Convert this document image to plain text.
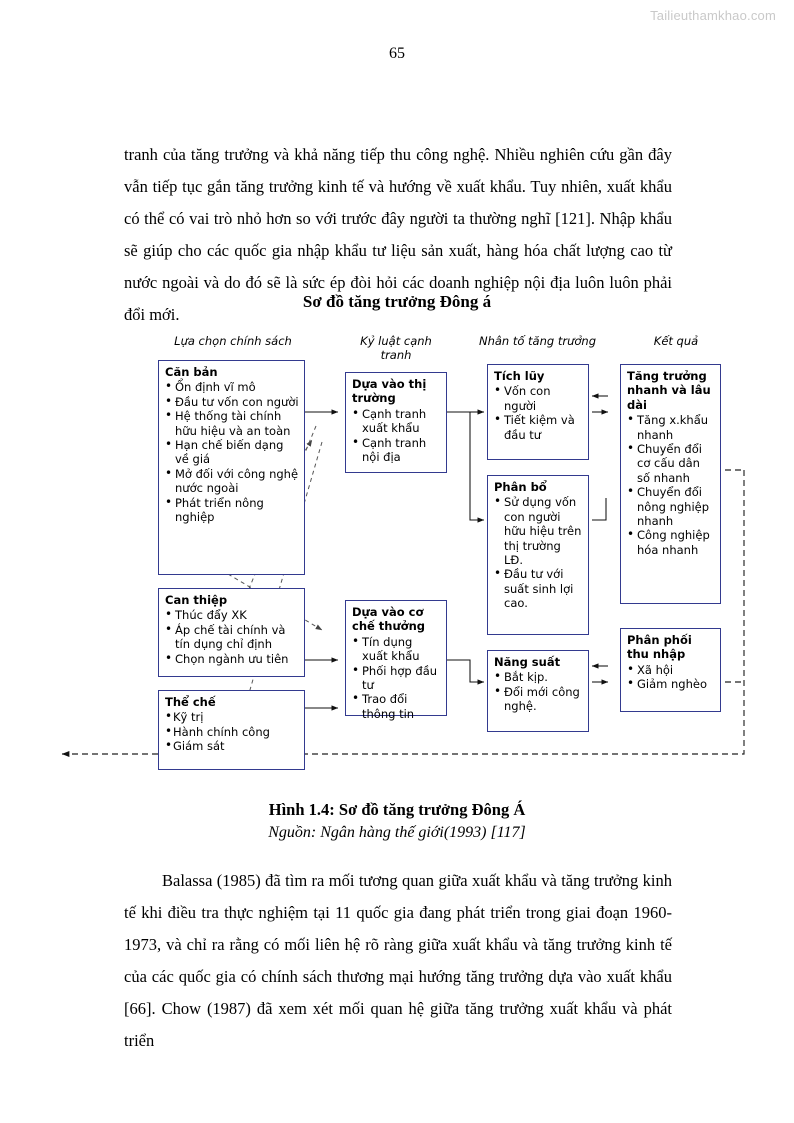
Tailieuthamkhao.com
65

tranh của tăng trưởng và khả năng tiếp thu công nghệ. Nhiều nghiên cứu gần đây vẫn tiếp tục gắn tăng trưởng kinh tế và hướng về xuất khẩu. Tuy nhiên, xuất khẩu có thể có vai trò nhỏ hơn so với trước đây người ta thường nghĩ [121]. Nhập khẩu sẽ giúp cho các quốc gia nhập khẩu tư liệu sản xuất, hàng hóa chất lượng cao từ nước ngoài và do đó sẽ là sức ép đòi hỏi các doanh nghiệp nội địa luôn luôn phải đổi mới.

Sơ đồ tăng trưởng Đông á
Lựa chọn chính sách	Kỷ luật cạnh tranh
Nhân tố tăng trưởng	Kết quả
Căn bản
• Ổn định vĩ mô
• Đầu tư vốn con người
• Hệ thống tài chính hữu hiệu và an toàn
• Hạn chế biến dạng về giá
• Mở đối với công nghệ nước ngoài
• Phát triển nông nghiệp
Can thiệp
• Thúc đẩy XK
• Áp chế tài chính và tín dụng chỉ định
• Chọn ngành ưu tiên
Thể chế
• Kỹ trị
• Hành chính công
• Giám sát
Dựa vào thị trường
• Cạnh tranh xuất khẩu
• Cạnh tranh nội địa
Dựa vào cơ chế thưởng
• Tín dụng xuất khẩu
• Phối hợp đầu tư
• Trao đổi thông tin
Tích lũy
• Vốn con người
• Tiết kiệm và đầu tư
Phân bổ
• Sử dụng vốn con người hữu hiệu trên thị trường LĐ.
• Đầu tư với suất sinh lợi cao.
Năng suất
• Bắt kịp.
• Đổi mới công nghệ.
Tăng trưởng nhanh và lâu dài
• Tăng x.khẩu nhanh
• Chuyển đổi cơ cấu dân số nhanh
• Chuyển đổi nông nghiệp nhanh
• Công nghiệp hóa nhanh
Phân phối thu nhập
• Xã hội
• Giảm nghèo
Hình 1.4: Sơ đồ tăng trưởng Đông Á
Nguồn: Ngân hàng thế giới(1993) [117]

Balassa (1985) đã tìm ra mối tương quan giữa xuất khẩu và tăng trưởng kinh tế khi điều tra thực nghiệm tại 11 quốc gia đang phát triển trong giai đoạn 1960-1973, và chỉ ra rằng có mối liên hệ rõ ràng giữa xuất khẩu và tăng trưởng kinh tế của các quốc gia có chính sách thương mại hướng tăng trưởng dựa vào xuất khẩu [66]. Chow (1987) đã xem xét mối quan hệ giữa tăng trưởng xuất khẩu và phát triển
